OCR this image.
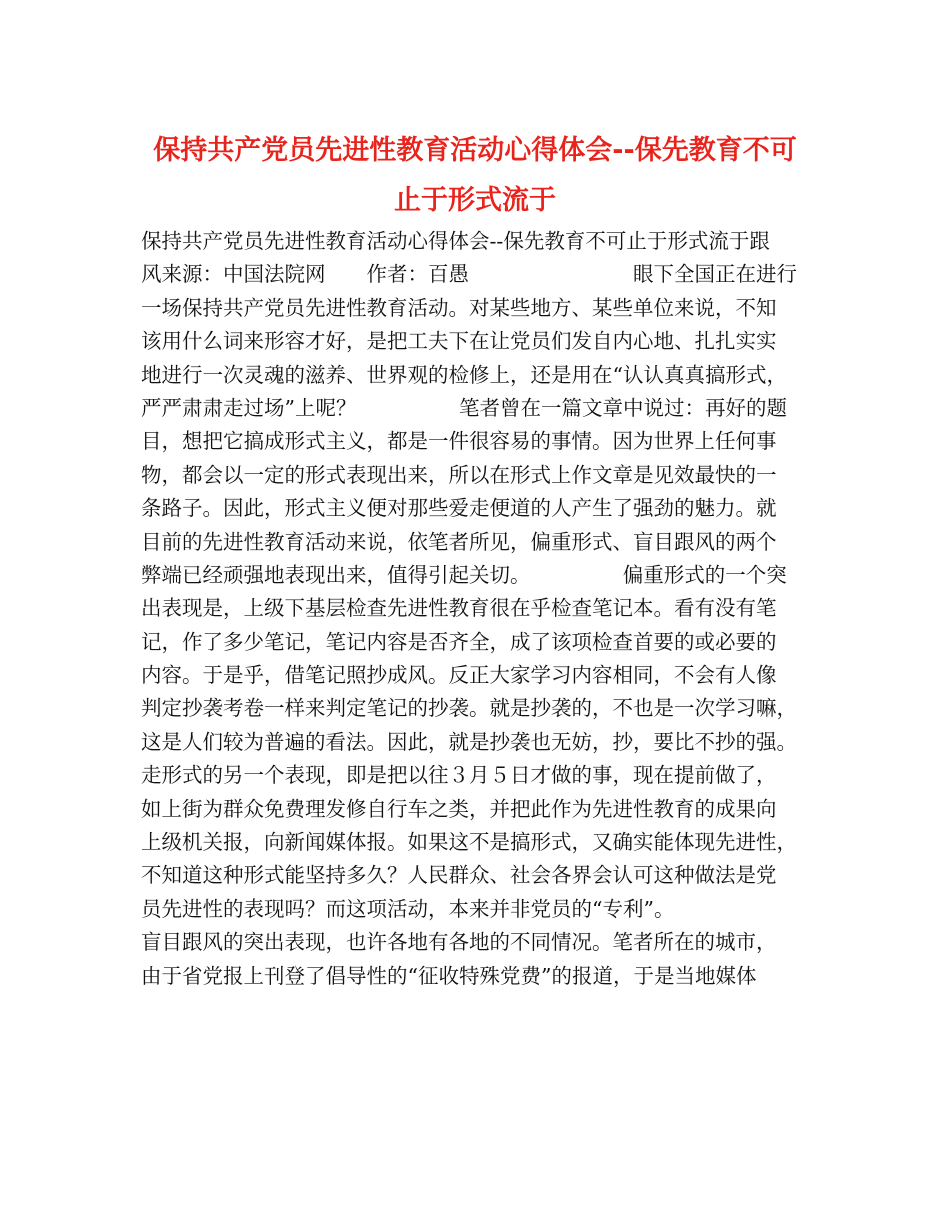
保持共产党员先进性教育活动心得体会--保先教育不可
止于形式流于
保持共产党员先进性教育活动心得体会--保先教育不可止于形式流于跟
风来源：中国法院网　　作者：百愚　　　　　　　　眼下全国正在进行
一场保持共产党员先进性教育活动。对某些地方、某些单位来说，不知
该用什么词来形容才好，是把工夫下在让党员们发自内心地、扎扎实实
地进行一次灵魂的滋养、世界观的检修上，还是用在“认认真真搞形式，
严严肃肃走过场”上呢？　　　　　笔者曾在一篇文章中说过：再好的题
目，想把它搞成形式主义，都是一件很容易的事情。因为世界上任何事
物，都会以一定的形式表现出来，所以在形式上作文章是见效最快的一
条路子。因此，形式主义便对那些爱走便道的人产生了强劲的魅力。就
目前的先进性教育活动来说，依笔者所见，偏重形式、盲目跟风的两个
弊端已经顽强地表现出来，值得引起关切。　　　　　偏重形式的一个突
出表现是，上级下基层检查先进性教育很在乎检查笔记本。看有没有笔
记，作了多少笔记，笔记内容是否齐全，成了该项检查首要的或必要的
内容。于是乎，借笔记照抄成风。反正大家学习内容相同，不会有人像
判定抄袭考卷一样来判定笔记的抄袭。就是抄袭的，不也是一次学习嘛，
这是人们较为普遍的看法。因此，就是抄袭也无妨，抄，要比不抄的强。
走形式的另一个表现，即是把以往３月５日才做的事，现在提前做了，
如上街为群众免费理发修自行车之类，并把此作为先进性教育的成果向
上级机关报，向新闻媒体报。如果这不是搞形式，又确实能体现先进性，
不知道这种形式能坚持多久？人民群众、社会各界会认可这种做法是党
员先进性的表现吗？而这项活动，本来并非党员的“专利”。
盲目跟风的突出表现，也许各地有各地的不同情况。笔者所在的城市，
由于省党报上刊登了倡导性的“征收特殊党费”的报道，于是当地媒体
